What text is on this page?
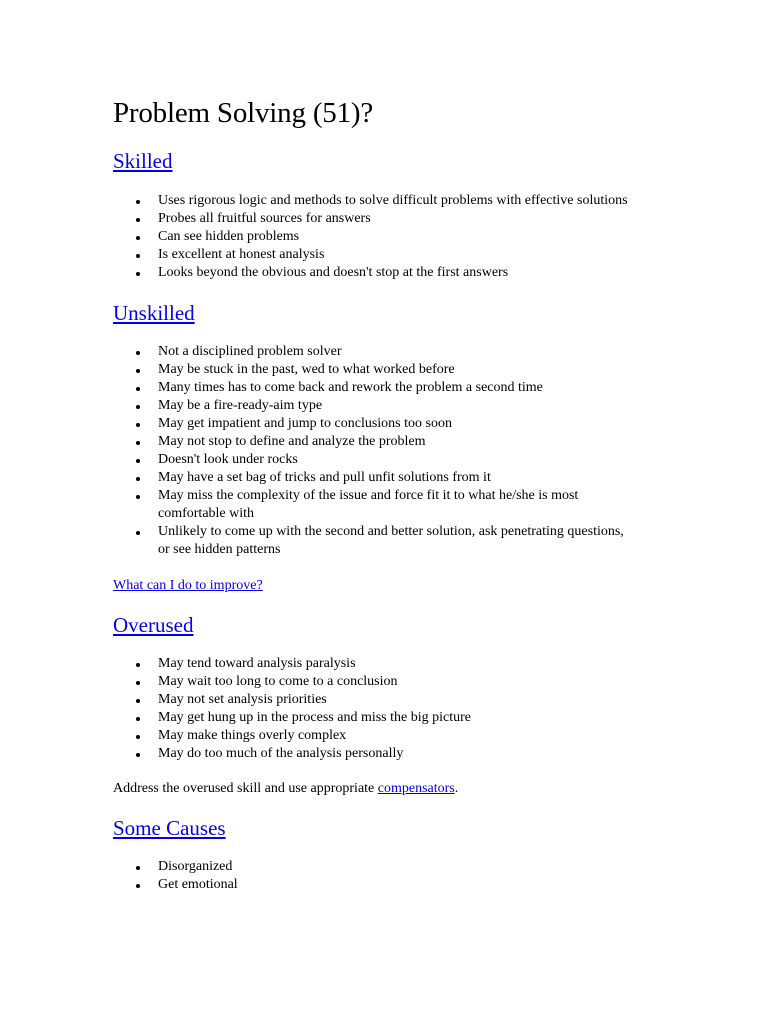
Problem Solving (51)?
Skilled
Uses rigorous logic and methods to solve difficult problems with effective solutions
Probes all fruitful sources for answers
Can see hidden problems
Is excellent at honest analysis
Looks beyond the obvious and doesn't stop at the first answers
Unskilled
Not a disciplined problem solver
May be stuck in the past, wed to what worked before
Many times has to come back and rework the problem a second time
May be a fire-ready-aim type
May get impatient and jump to conclusions too soon
May not stop to define and analyze the problem
Doesn't look under rocks
May have a set bag of tricks and pull unfit solutions from it
May miss the complexity of the issue and force fit it to what he/she is most comfortable with
Unlikely to come up with the second and better solution, ask penetrating questions, or see hidden patterns

What can I do to improve?

Overused
May tend toward analysis paralysis
May wait too long to come to a conclusion
May not set analysis priorities
May get hung up in the process and miss the big picture
May make things overly complex
May do too much of the analysis personally

Address the overused skill and use appropriate compensators.

Some Causes
Disorganized
Get emotional
